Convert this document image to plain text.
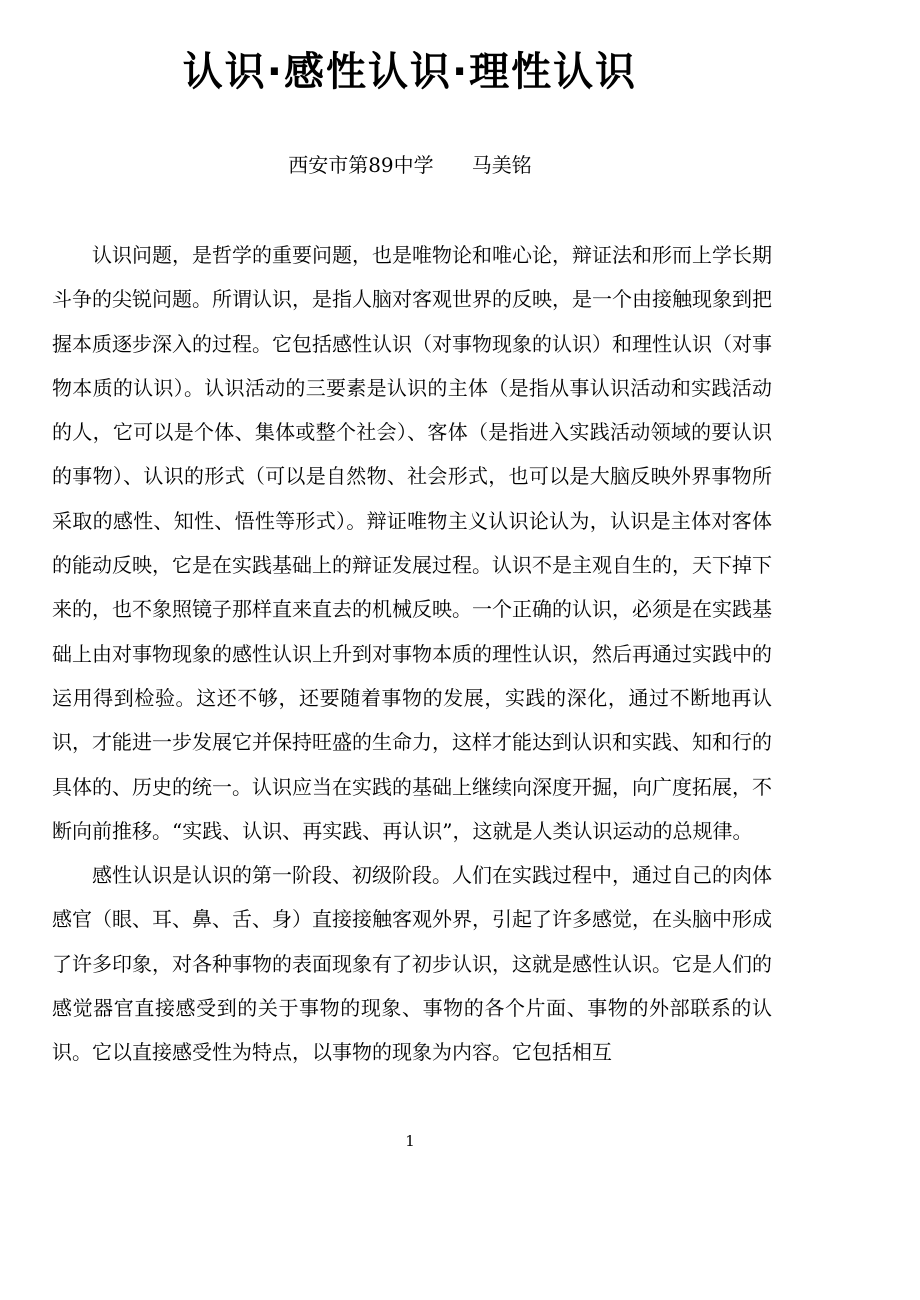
认识·感性认识·理性认识
西安市第89中学      马美铭

认识问题，是哲学的重要问题，也是唯物论和唯心论，辩证法和形而上学长期斗争的尖锐问题。所谓认识，是指人脑对客观世界的反映，是一个由接触现象到把握本质逐步深入的过程。它包括感性认识（对事物现象的认识）和理性认识（对事物本质的认识）。认识活动的三要素是认识的主体（是指从事认识活动和实践活动的人，它可以是个体、集体或整个社会）、客体（是指进入实践活动领域的要认识的事物）、认识的形式（可以是自然物、社会形式，也可以是大脑反映外界事物所采取的感性、知性、悟性等形式）。辩证唯物主义认识论认为，认识是主体对客体的能动反映，它是在实践基础上的辩证发展过程。认识不是主观自生的，天下掉下来的，也不象照镜子那样直来直去的机械反映。一个正确的认识，必须是在实践基础上由对事物现象的感性认识上升到对事物本质的理性认识，然后再通过实践中的运用得到检验。这还不够，还要随着事物的发展，实践的深化，通过不断地再认识，才能进一步发展它并保持旺盛的生命力，这样才能达到认识和实践、知和行的具体的、历史的统一。认识应当在实践的基础上继续向深度开掘，向广度拓展，不断向前推移。“实践、认识、再实践、再认识”，这就是人类认识运动的总规律。

感性认识是认识的第一阶段、初级阶段。人们在实践过程中，通过自己的肉体感官（眼、耳、鼻、舌、身）直接接触客观外界，引起了许多感觉，在头脑中形成了许多印象，对各种事物的表面现象有了初步认识，这就是感性认识。它是人们的感觉器官直接感受到的关于事物的现象、事物的各个片面、事物的外部联系的认识。它以直接感受性为特点，以事物的现象为内容。它包括相互

1
